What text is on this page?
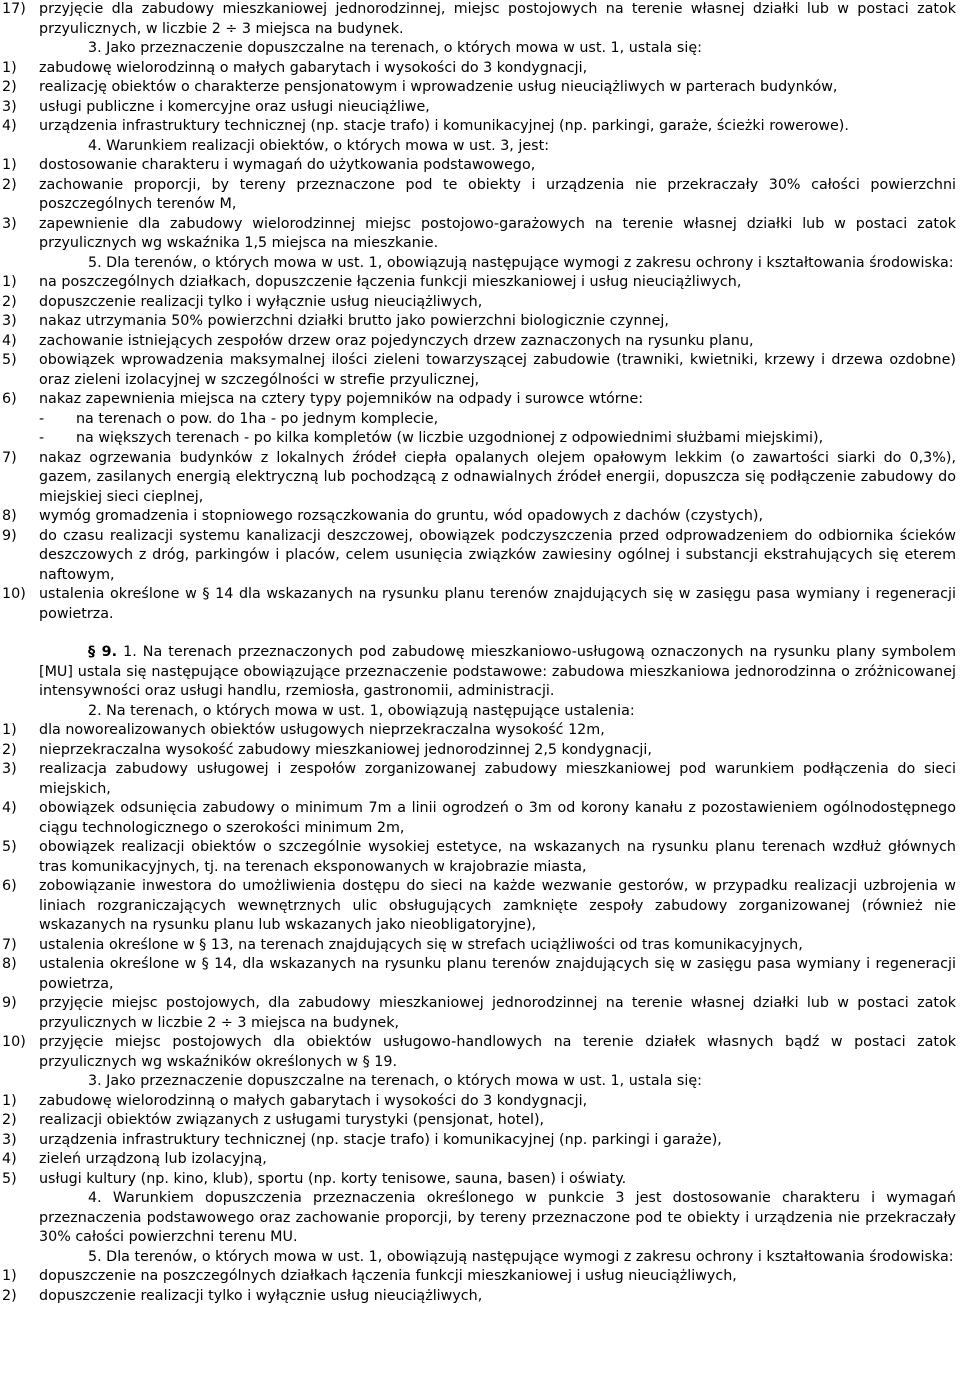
17) przyjęcie dla zabudowy mieszkaniowej jednorodzinnej, miejsc postojowych na terenie własnej działki lub w postaci zatok przyulicznych, w liczbie 2 ÷ 3 miejsca na budynek.
3. Jako przeznaczenie dopuszczalne na terenach, o których mowa w ust. 1, ustala się:
1)	zabudowę wielorodzinną o małych gabarytach i wysokości do 3 kondygnacji,
2)	realizację obiektów o charakterze pensjonatowym i wprowadzenie usług nieuciążliwych w parterach budynków,
3)	usługi publiczne i komercyjne oraz usługi nieuciążliwe,
4)	urządzenia infrastruktury technicznej (np. stacje trafo) i komunikacyjnej (np. parkingi, garaże, ścieżki rowerowe).
4. Warunkiem realizacji obiektów, o których mowa w ust. 3, jest:
1)	dostosowanie charakteru i wymagań do użytkowania podstawowego,
2)	zachowanie proporcji, by tereny przeznaczone pod te obiekty i urządzenia nie przekraczały 30% całości powierzchni poszczególnych terenów M,
3)	zapewnienie dla zabudowy wielorodzinnej miejsc postojowo-garażowych na terenie własnej działki lub w postaci zatok przyulicznych wg wskaźnika 1,5 miejsca na mieszkanie.
5. Dla terenów, o których mowa w ust. 1, obowiązują następujące wymogi z zakresu ochrony i kształtowania środowiska:
1)	na poszczególnych działkach, dopuszczenie łączenia funkcji mieszkaniowej i usług nieuciążliwych,
2)	dopuszczenie realizacji tylko i wyłącznie usług nieuciążliwych,
3)	nakaz utrzymania 50% powierzchni działki brutto jako powierzchni biologicznie czynnej,
4)	zachowanie istniejących zespołów drzew oraz pojedynczych drzew zaznaczonych na rysunku planu,
5)	obowiązek wprowadzenia maksymalnej ilości zieleni towarzyszącej zabudowie (trawniki, kwietniki, krzewy i drzewa ozdobne) oraz zieleni izolacyjnej w szczególności w strefie przyulicznej,
6)	nakaz zapewnienia miejsca na cztery typy pojemników na odpady i surowce wtórne:
-	na terenach o pow. do 1ha - po jednym komplecie,
-	na większych terenach - po kilka kompletów (w liczbie uzgodnionej z odpowiednimi służbami miejskimi),
7)	nakaz ogrzewania budynków z lokalnych źródeł ciepła opalanych olejem opałowym lekkim (o zawartości siarki do 0,3%), gazem, zasilanych energią elektryczną lub pochodzącą z odnawialnych źródeł energii, dopuszcza się podłączenie zabudowy do miejskiej sieci cieplnej,
8)	wymóg gromadzenia i stopniowego rozsączkowania do gruntu, wód opadowych z dachów (czystych),
9)	do czasu realizacji systemu kanalizacji deszczowej, obowiązek podczyszczenia przed odprowadzeniem do odbiornika ścieków deszczowych z dróg, parkingów i placów, celem usunięcia związków zawiesiny ogólnej i substancji ekstrahujących się eterem naftowym,
10) ustalenia określone w § 14 dla wskazanych na rysunku planu terenów znajdujących się w zasięgu pasa wymiany i regeneracji powietrza.
§ 9. 1. Na terenach przeznaczonych pod zabudowę mieszkaniowo-usługową oznaczonych na rysunku plany symbolem [MU] ustala się następujące obowiązujące przeznaczenie podstawowe: zabudowa mieszkaniowa jednorodzinna o zróżnicowanej intensywności oraz usługi handlu, rzemiosła, gastronomii, administracji.
2. Na terenach, o których mowa w ust. 1, obowiązują następujące ustalenia:
1)	dla noworealizowanych obiektów usługowych nieprzekraczalna wysokość 12m,
2)	nieprzekraczalna wysokość zabudowy mieszkaniowej jednorodzinnej 2,5 kondygnacji,
3)	realizacja zabudowy usługowej i zespołów zorganizowanej zabudowy mieszkaniowej pod warunkiem podłączenia do sieci miejskich,
4)	obowiązek odsunięcia zabudowy o minimum 7m a linii ogrodzeń o 3m od korony kanału z pozostawieniem ogólnodostępnego ciągu technologicznego o szerokości minimum 2m,
5)	obowiązek realizacji obiektów o szczególnie wysokiej estetyce, na wskazanych na rysunku planu terenach wzdłuż głównych tras komunikacyjnych, tj. na terenach eksponowanych w krajobrazie miasta,
6)	zobowiązanie inwestora do umożliwienia dostępu do sieci na każde wezwanie gestorów, w przypadku realizacji uzbrojenia w liniach rozgraniczających wewnętrznych ulic obsługujących zamknięte zespoły zabudowy zorganizowanej (również nie wskazanych na rysunku planu lub wskazanych jako nieobligatoryjne),
7)	ustalenia określone w § 13, na terenach znajdujących się w strefach uciążliwości od tras komunikacyjnych,
8)	ustalenia określone w § 14, dla wskazanych na rysunku planu terenów znajdujących się w zasięgu pasa wymiany i regeneracji powietrza,
9)	przyjęcie miejsc postojowych, dla zabudowy mieszkaniowej jednorodzinnej na terenie własnej działki lub w postaci zatok przyulicznych w liczbie 2 ÷ 3 miejsca na budynek,
10) przyjęcie miejsc postojowych dla obiektów usługowo-handlowych na terenie działek własnych bądź w postaci zatok przyulicznych wg wskaźników określonych w § 19.
3. Jako przeznaczenie dopuszczalne na terenach, o których mowa w ust. 1, ustala się:
1)	zabudowę wielorodzinną o małych gabarytach i wysokości do 3 kondygnacji,
2)	realizacji obiektów związanych z usługami turystyki (pensjonat, hotel),
3)	urządzenia infrastruktury technicznej (np. stacje trafo) i komunikacyjnej (np. parkingi i garaże),
4)	zieleń urządzoną lub izolacyjną,
5)	usługi kultury (np. kino, klub), sportu (np. korty tenisowe, sauna, basen) i oświaty.
4. Warunkiem dopuszczenia przeznaczenia określonego w punkcie 3 jest dostosowanie charakteru i wymagań przeznaczenia podstawowego oraz zachowanie proporcji, by tereny przeznaczone pod te obiekty i urządzenia nie przekraczały 30% całości powierzchni terenu MU.
5. Dla terenów, o których mowa w ust. 1, obowiązują następujące wymogi z zakresu ochrony i kształtowania środowiska:
1)	dopuszczenie na poszczególnych działkach łączenia funkcji mieszkaniowej i usług nieuciążliwych,
2)	dopuszczenie realizacji tylko i wyłącznie usług nieuciążliwych,
